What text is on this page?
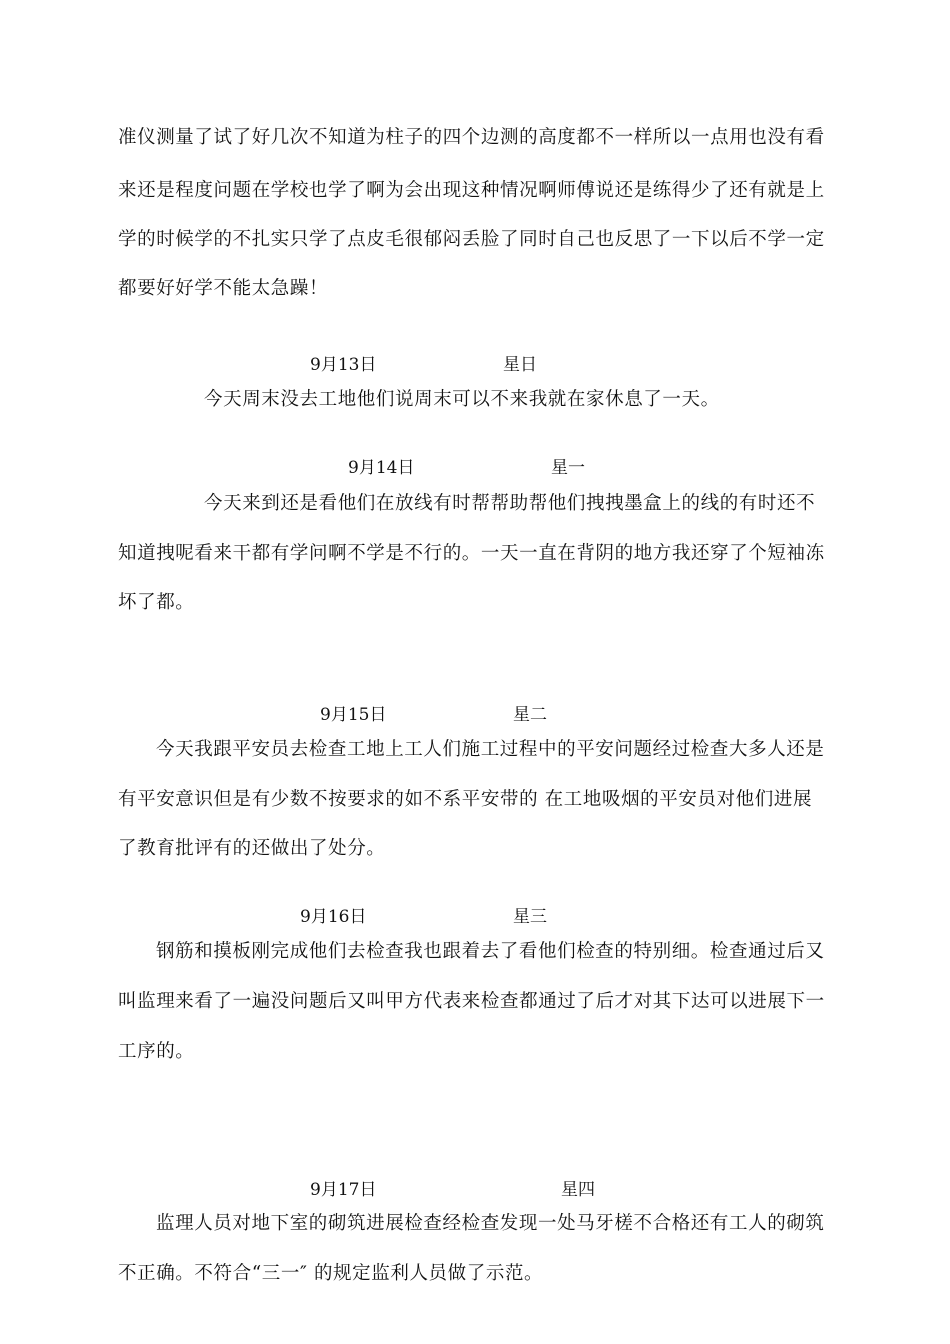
准仪测量了试了好几次不知道为柱子的四个边测的高度都不一样所以一点用也没有看
来还是程度问题在学校也学了啊为会出现这种情况啊师傅说还是练得少了还有就是上
学的时候学的不扎实只学了点皮毛很郁闷丢脸了同时自己也反思了一下以后不学一定
都要好好学不能太急躁！
9月13日	星日
今天周末没去工地他们说周末可以不来我就在家休息了一天。
9月14日	星一
今天来到还是看他们在放线有时帮帮助帮他们拽拽墨盒上的线的有时还不
知道拽呢看来干都有学问啊不学是不行的。一天一直在背阴的地方我还穿了个短袖冻
坏了都。
9月15日	星二
今天我跟平安员去检查工地上工人们施工过程中的平安问题经过检查大多人还是
有平安意识但是有少数不按要求的如不系平安带的 在工地吸烟的平安员对他们进展
了教育批评有的还做出了处分。
9月16日	星三
钢筋和摸板刚完成他们去检查我也跟着去了看他们检查的特别细。检查通过后又
叫监理来看了一遍没问题后又叫甲方代表来检查都通过了后才对其下达可以进展下一
工序的。
9月17日	星四
监理人员对地下室的砌筑进展检查经检查发现一处马牙槎不合格还有工人的砌筑
不正确。不符合“三一″ 的规定监利人员做了示范。
